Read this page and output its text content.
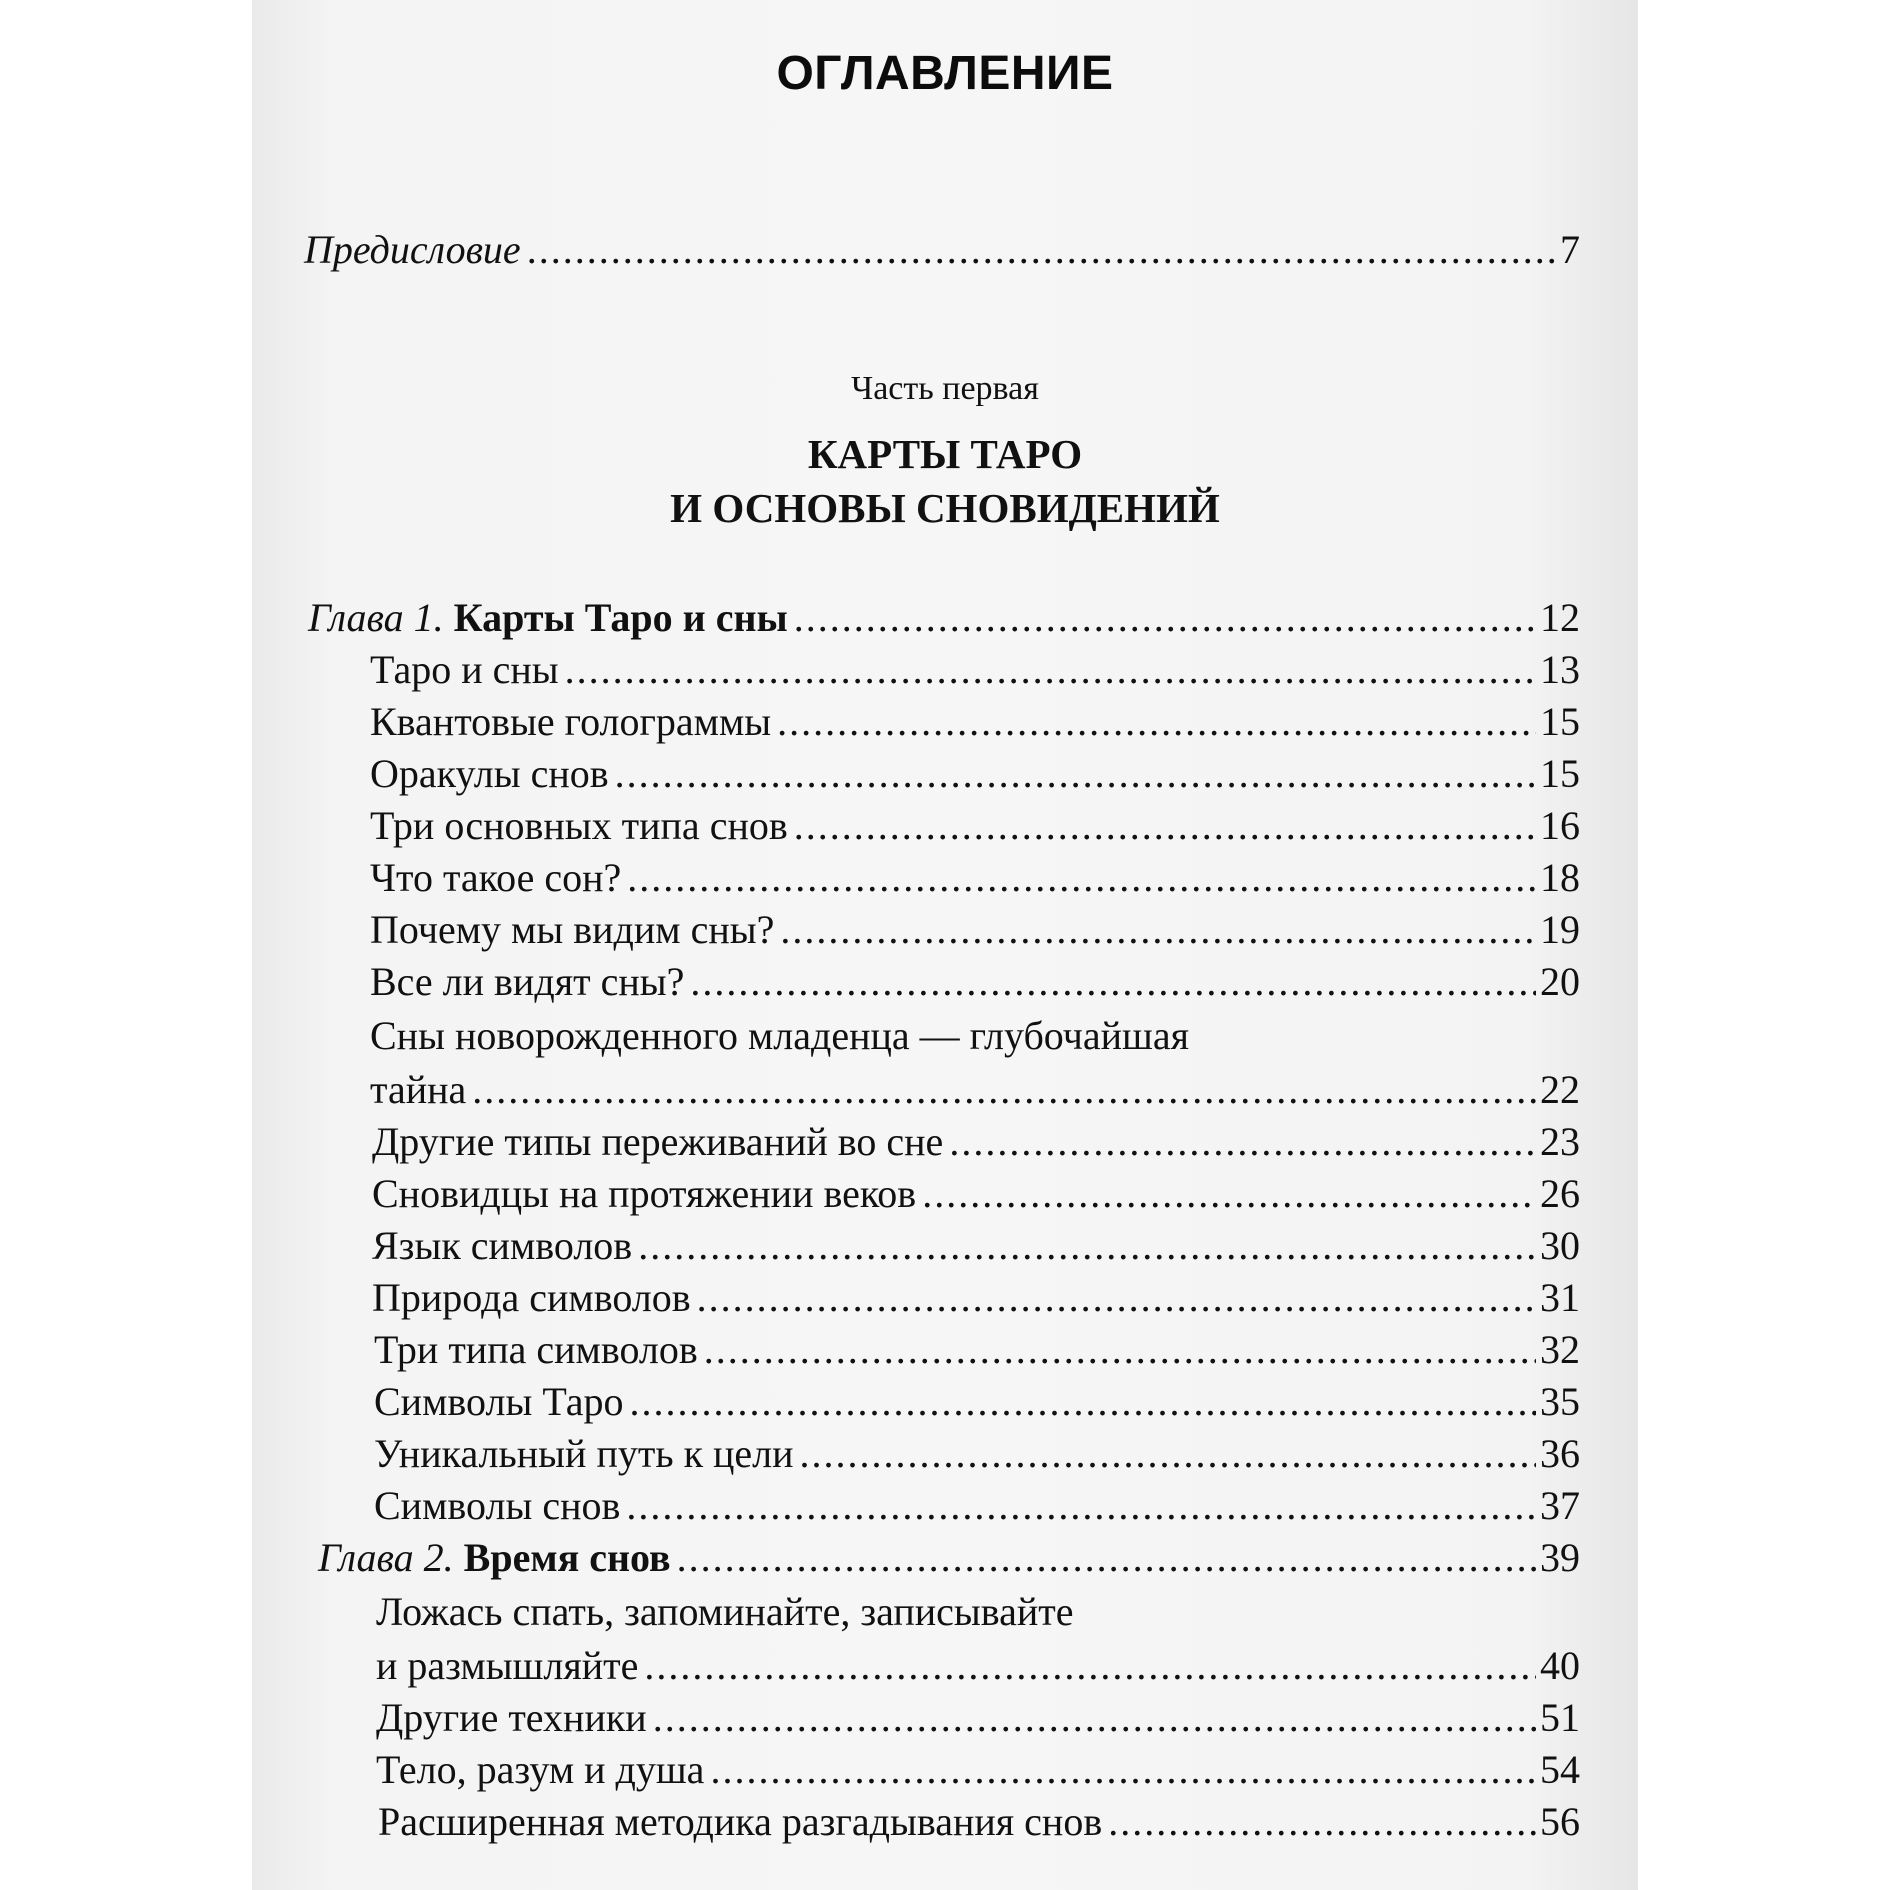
ОГЛАВЛЕНИЕ
Предисловие .....	7
Часть первая
КАРТЫ ТАРО
И ОСНОВЫ СНОВИДЕНИЙ
Глава 1. Карты Таро и сны .....	12
Таро и сны .....	13
Квантовые голограммы .....	15
Оракулы снов .....	15
Три основных типа снов .....	16
Что такое сон? .....	18
Почему мы видим сны? .....	19
Все ли видят сны? .....	20
Сны новорожденного младенца — глубочайшая
тайна .....	22
Другие типы переживаний во сне .....	23
Сновидцы на протяжении веков .....	26
Язык символов .....	30
Природа символов .....	31
Три типа символов .....	32
Символы Таро .....	35
Уникальный путь к цели .....	36
Символы снов .....	37
Глава 2. Время снов .....	39
Ложась спать, запоминайте, записывайте
и размышляйте .....	40
Другие техники .....	51
Тело, разум и душа .....	54
Расширенная методика разгадывания снов .....	56
